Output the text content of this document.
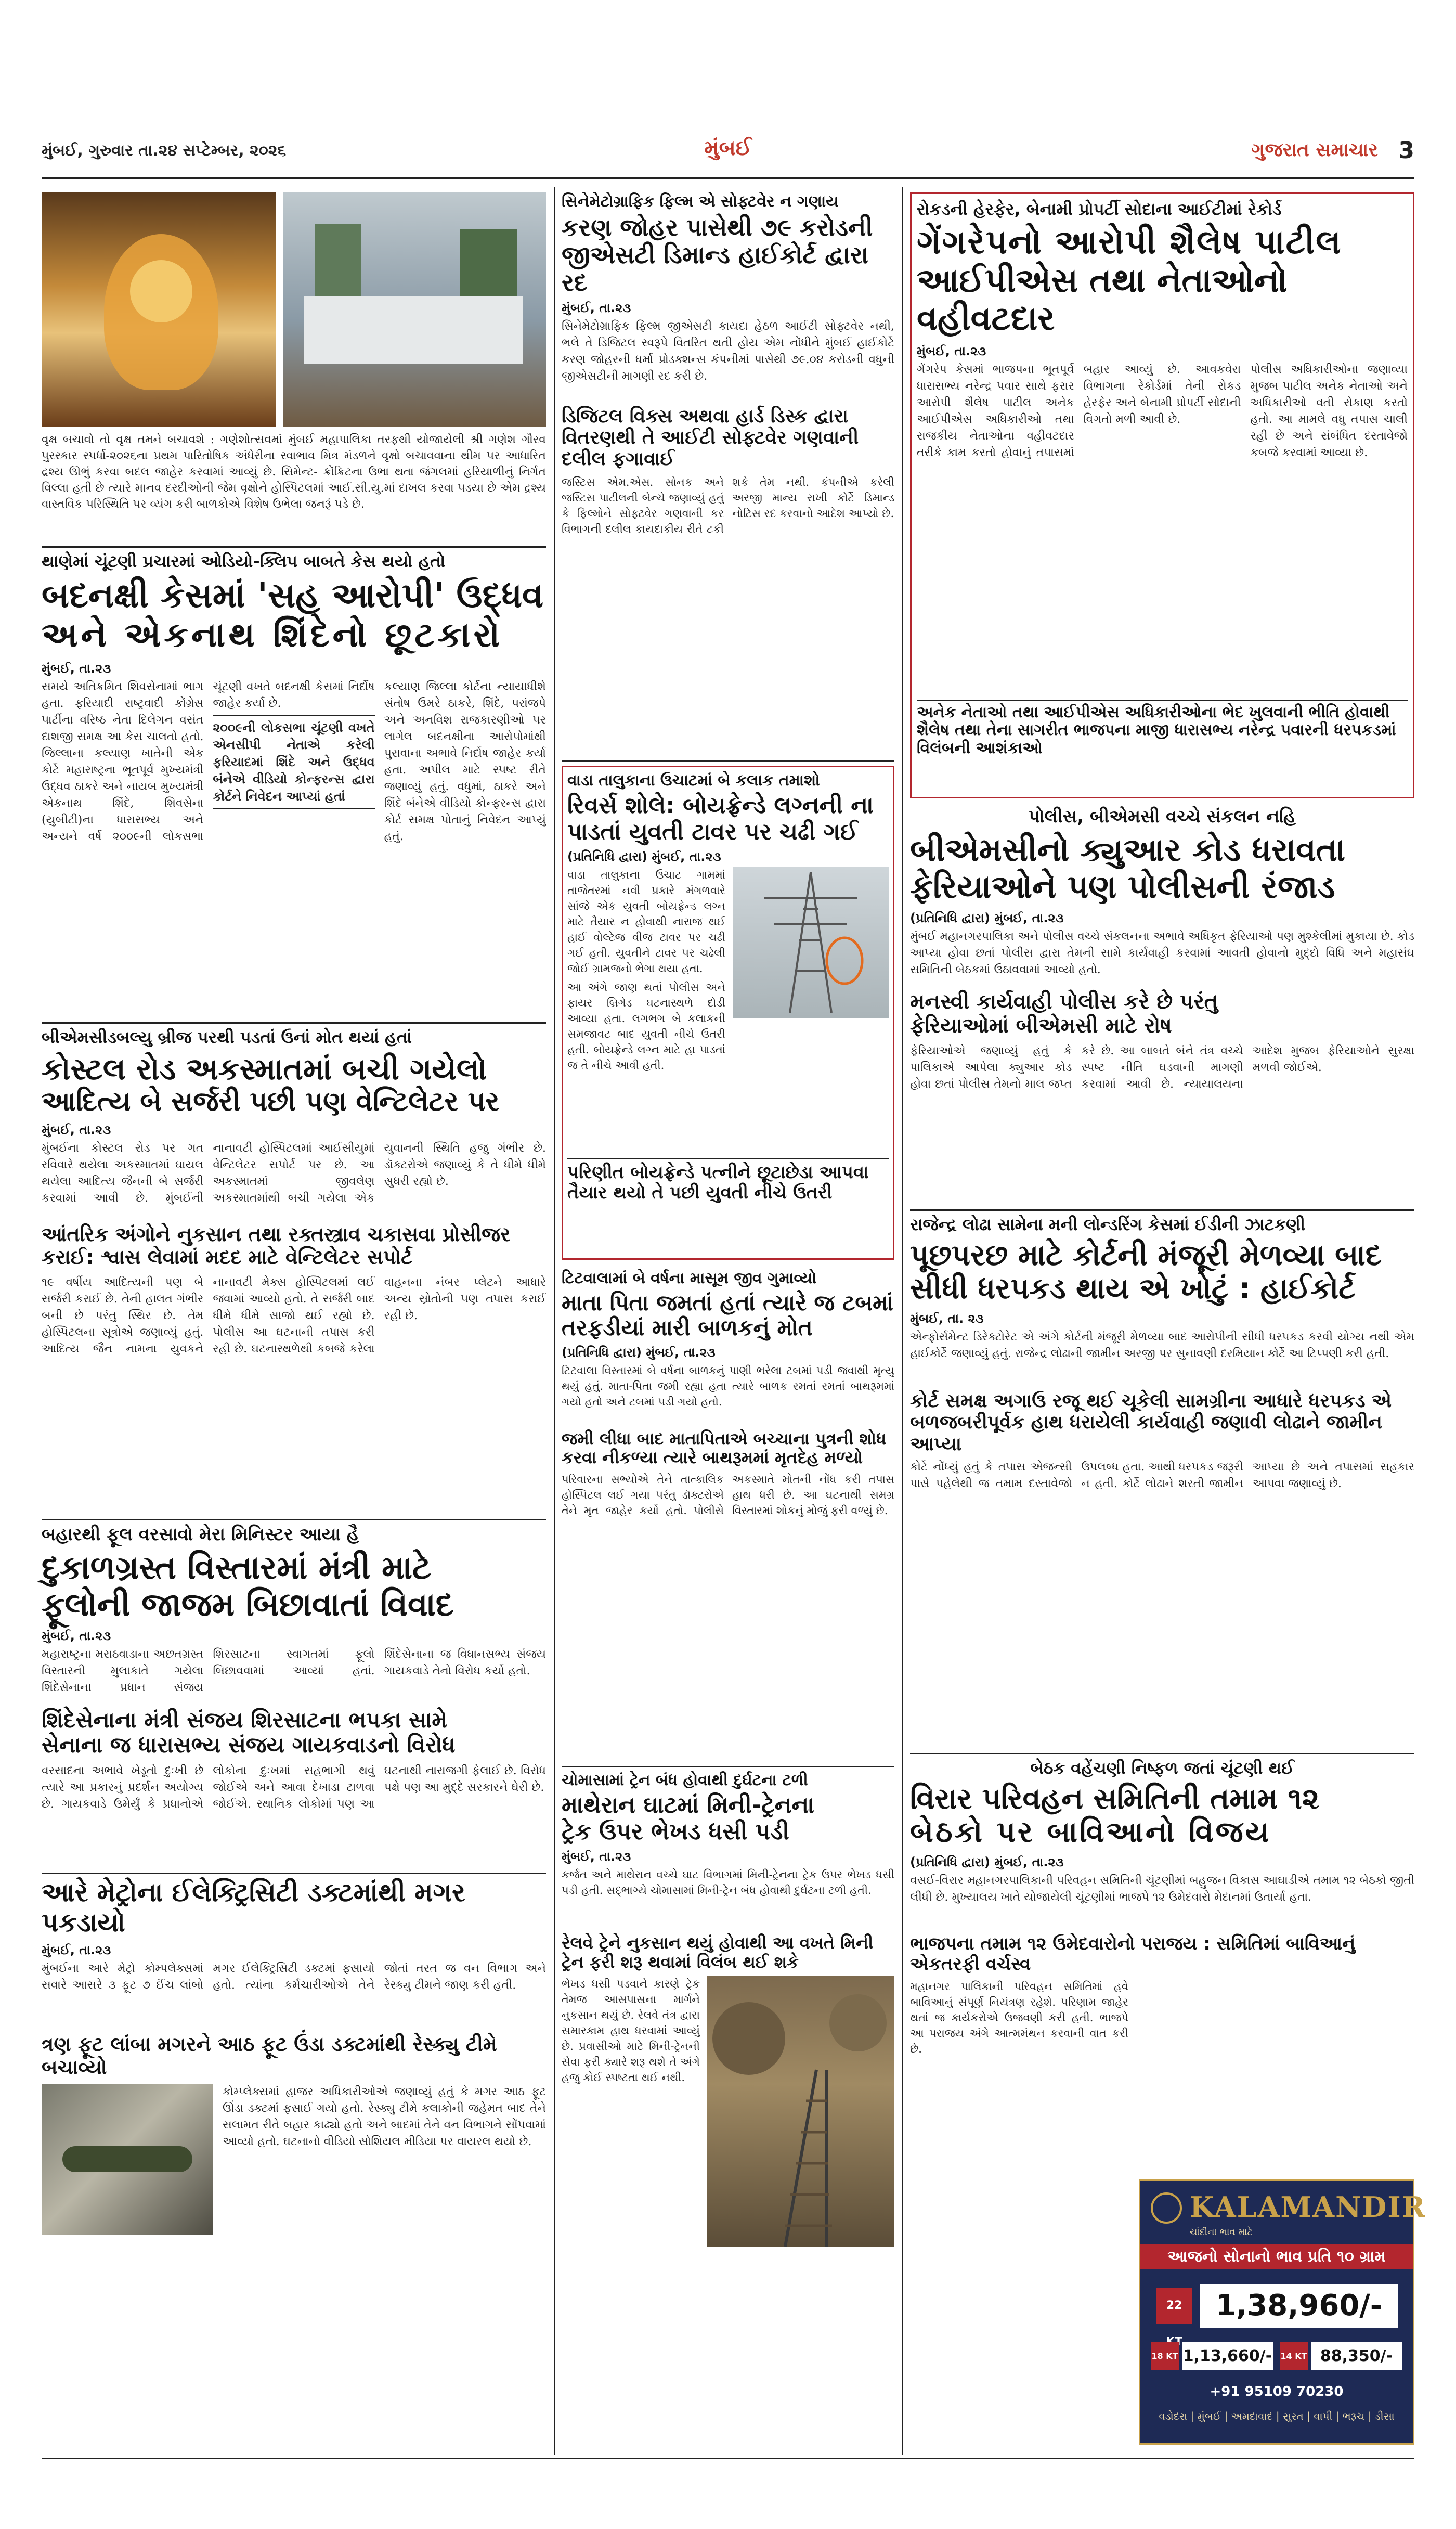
મુંબઈ, ગુરુવાર તા.૨૪ સપ્ટેમ્બર, ૨૦૨૬	મુંબઈ	ગુજરાત સમાચાર 3
વૃક્ષ બચાવો તો વૃક્ષ તમને બચાવશે : ગણેશોત્સવમાં મુંબઈ મહાપાલિકા તરફથી યોજાયેલી શ્રી ગણેશ ગૌરવ પુરસ્કાર સ્પર્ધા-૨૦૨૬ના પ્રથમ પારિતોષિક અંધેરીના સ્વાભાવ મિત્ર મંડળને વૃક્ષો બચાવવાના થીમ પર આધારિત દ્રશ્ય ઊભું કરવા બદલ જાહેર કરવામાં આવ્યું છે. સિમેન્ટ- ક્રોંક્રિટના ઉભા થતા જંગલમાં હરિયાળીનું નિર્ગત વિલ્લા હતી છે ત્યારે માનવ દરદીઓની જેમ વૃક્ષોને હોસ્પિટલમાં આઈ.સી.યુ.માં દાખલ કરવા પડયા છે એમ દ્રશ્ય વાસ્તવિક પરિસ્થિતિ પર વ્યંગ કરી બાળકોએ વિશેષ ઉભેલા જનરૂં પડે છે.
થાણેમાં ચૂંટણી પ્રચારમાં ઓડિયો-ક્લિપ બાબતે કેસ થયો હતો
બદનક્ષી કેસમાં 'સહ આરોપી' ઉદ્ધવ
અને એકનાથ શિંદેનો છૂટકારો
મુંબઈ, તા.૨૩

સમયે અતિક્રમિત શિવસેનામાં ભાગ હતા. ફરિયાદી રાષ્ટ્રવાદી કોંગ્રેસ પાર્ટીના વરિષ્ઠ નેતા દિલેગન વસંત દાશજી સમક્ષ આ કેસ ચાલતો હતો. જિલ્લાના કલ્યાણ ખાતેની એક કોર્ટે મહારાષ્ટ્રના ભૂતપૂર્વ મુખ્યમંત્રી ઉદ્ધવ ઠાકરે અને નાયબ મુખ્યમંત્રી એકનાથ શિંદે, શિવસેના (યુબીટી)ના ધારાસભ્ય અને અન્યને વર્ષ ૨૦૦૯ની લોકસભા ચૂંટણી વખતે બદનક્ષી કેસમાં નિર્દોષ જાહેર કર્યા છે.

૨૦૦૯ની લોકસભા ચૂંટણી વખતે એનસીપી નેતાએ કરેલી ફરિયાદમાં શિંદે અને ઉદ્ધવ બંનેએ વીડિયો કોન્ફરન્સ દ્વારા કોર્ટને નિવેદન આપ્યાં હતાં

કલ્યાણ જિલ્લા કોર્ટના ન્યાયાધીશે સંતોષ ઉમરે ઠાકરે, શિંદે, પરાંજપે અને અનવિશ રાજકારણીઓ પર લાગેલ બદનક્ષીના આરોપોમાંથી પુરાવાના અભાવે નિર્દોષ જાહેર કર્યા હતા. અપીલ માટે સ્પષ્ટ રીતે જણાવ્યું હતું. વધુમાં, ઠાકરે અને શિંદે બંનેએ વીડિયો કોન્ફરન્સ દ્વારા કોર્ટ સમક્ષ પોતાનું નિવેદન આપ્યું હતું.

બીએમસીડબલ્યુ બ્રીજ પરથી પડતાં ઉનાં મોત થયાં હતાં
કોસ્ટલ રોડ અકસ્માતમાં બચી ગયેલો
આદિત્ય બે સર્જરી પછી પણ વેન્ટિલેટર પર
મુંબઈ, તા.૨૩

મુંબઈના કોસ્ટલ રોડ પર ગત રવિવારે થયેલા અકસ્માતમાં ઘાયલ થયેલા આદિત્ય જૈનની બે સર્જરી કરવામાં આવી છે. મુંબઈની નાનાવટી હોસ્પિટલમાં આઈસીયુમાં વેન્ટિલેટર સપોર્ટ પર છે. આ અકસ્માતમાં જીવલેણ અકસ્માતમાંથી બચી ગયેલા એક યુવાનની સ્થિતિ હજુ ગંભીર છે. ડૉક્ટરોએ જણાવ્યું કે તે ધીમે ધીમે સુધરી રહ્યો છે.

આંતરિક અંગોને નુકસાન તથા રક્તસ્ત્રાવ ચકાસવા પ્રોસીજર કરાઈ: શ્વાસ લેવામાં મદદ માટે વેન્ટિલેટર સપોર્ટ

૧૯ વર્ષીય આદિત્યની પણ બે સર્જરી કરાઈ છે. તેની હાલત ગંભીર બની છે પરંતુ સ્થિર છે. તેમ હોસ્પિટલના સૂત્રોએ જણાવ્યું હતું. આદિત્ય જૈન નામના યુવકને નાનાવટી મેક્સ હોસ્પિટલમાં લઈ જવામાં આવ્યો હતો. તે સર્જરી બાદ ધીમે ધીમે સાજો થઈ રહ્યો છે. પોલીસ આ ઘટનાની તપાસ કરી રહી છે. ઘટનાસ્થળેથી કબજે કરેલા વાહનના નંબર પ્લેટને આધારે અન્ય સ્રોતોની પણ તપાસ કરાઈ રહી છે.

બહારથી ફૂલ વરસાવો મેરા મિનિસ્ટર આયા હૈ
દુકાળગ્રસ્ત વિસ્તારમાં મંત્રી માટે
ફૂલોની જાજમ બિછાવાતાં વિવાદ
મુંબઈ, તા.૨૩

મહારાષ્ટ્રના મરાઠવાડાના અછતગ્રસ્ત વિસ્તારની મુલાકાતે ગયેલા શિંદેસેનાના પ્રધાન સંજય શિરસાટના સ્વાગતમાં ફૂલો બિછાવવામાં આવ્યાં હતાં. શિંદેસેનાના જ વિધાનસભ્ય સંજય ગાયકવાડે તેનો વિરોધ કર્યો હતો.

શિંદેસેનાના મંત્રી સંજય શિરસાટના ભપકા સામે
સેનાના જ ધારાસભ્ય સંજય ગાયકવાડનો વિરોધ

વરસાદના અભાવે ખેડૂતો દુઃખી છે ત્યારે આ પ્રકારનું પ્રદર્શન અયોગ્ય છે. ગાયકવાડે ઉમેર્યું કે પ્રધાનોએ લોકોના દુઃખમાં સહભાગી થવું જોઈએ અને આવા દેખાડા ટાળવા જોઈએ. સ્થાનિક લોકોમાં પણ આ ઘટનાથી નારાજગી ફેલાઈ છે. વિરોધ પક્ષે પણ આ મુદ્દે સરકારને ઘેરી છે.

આરે મેટ્રોના ઈલેક્ટ્રિસિટી ડક્ટમાંથી મગર પકડાયો
મુંબઈ, તા.૨૩

મુંબઈના આરે મેટ્રો કોમ્પલેક્સમાં સવારે આસરે ૩ ફૂટ ૭ ઈંચ લાંબો મગર ઈલેક્ટ્રિસિટી ડક્ટમાં ફસાયો હતો. ત્યાંના કર્મચારીઓએ તેને જોતાં તરત જ વન વિભાગ અને રેસ્ક્યુ ટીમને જાણ કરી હતી.

ત્રણ ફૂટ લાંબા મગરને આઠ ફૂટ ઉંડા ડક્ટમાંથી રેસ્ક્યુ ટીમે બચાવ્યો

કોમ્પ્લેક્સમાં હાજર અધિકારીઓએ જણાવ્યું હતું કે મગર આઠ ફૂટ ઊંડા ડક્ટમાં ફસાઈ ગયો હતો. રેસ્ક્યુ ટીમે કલાકોની જહેમત બાદ તેને સલામત રીતે બહાર કાઢ્યો હતો અને બાદમાં તેને વન વિભાગને સોંપવામાં આવ્યો હતો. ઘટનાનો વીડિયો સોશિયલ મીડિયા પર વાયરલ થયો છે.

સિનેમેટોગ્રાફિક ફિલ્મ એ સોફ્ટવેર ન ગણાય
કરણ જોહર પાસેથી ૭૯ કરોડની
જીએસટી ડિમાન્ડ હાઈકોર્ટ દ્વારા રદ
મુંબઈ, તા.૨૩

સિનેમેટોગ્રાફિક ફિલ્મ જીએસટી કાયદા હેઠળ આઈટી સોફ્ટવેર નથી, ભલે તે ડિજિટલ સ્વરૂપે વિતરિત થતી હોય એમ નોંધીને મુંબઈ હાઈકોર્ટે કરણ જોહરની ધર્મા પ્રોડક્શન્સ કંપનીમાં પાસેથી ૭૯.૦૪ કરોડની વધુની જીએસટીની માગણી રદ કરી છે.

ડિજિટલ વિક્સ અથવા હાર્ડ ડિસ્ક દ્વારા વિતરણથી તે આઈટી સોફ્ટવેર ગણવાની દલીલ ફગાવાઈ

જસ્ટિસ એમ.એસ. સોનક અને જસ્ટિસ પાટીલની બેન્ચે જણાવ્યું હતું કે ફિલ્મોને સોફ્ટવેર ગણવાની કર વિભાગની દલીલ કાયદાકીય રીતે ટકી શકે તેમ નથી. કંપનીએ કરેલી અરજી માન્ય રાખી કોર્ટે ડિમાન્ડ નોટિસ રદ કરવાનો આદેશ આપ્યો છે.

વાડા તાલુકાના ઉચાટમાં બે કલાક તમાશો
રિવર્સ શોલે: બોયફ્રેન્ડે લગ્નની ના
પાડતાં યુવતી ટાવર પર ચઢી ગઈ
(પ્રતિનિધિ દ્વારા) મુંબઈ, તા.૨૩

વાડા તાલુકાના ઉચાટ ગામમાં તાજેતરમાં નવી પ્રકારે મંગળવારે સાંજે એક યુવતી બોયફ્રેન્ડ લગ્ન માટે તૈયાર ન હોવાથી નારાજ થઈ હાઈ વોલ્ટેજ વીજ ટાવર પર ચઢી ગઈ હતી. યુવતીને ટાવર પર ચઢેલી જોઈ ગ્રામજનો ભેગા થયા હતા.

આ અંગે જાણ થતાં પોલીસ અને ફાયર બ્રિગેડ ઘટનાસ્થળે દોડી આવ્યા હતા. લગભગ બે કલાકની સમજાવટ બાદ યુવતી નીચે ઉતરી હતી. બોયફ્રેન્ડે લગ્ન માટે હા પાડતાં જ તે નીચે આવી હતી.

પરિણીત બોયફ્રેન્ડે પત્નીને છૂટાછેડા આપવા તૈયાર થયો તે પછી યુવતી નીચે ઉતરી
ટિટવાલામાં બે વર્ષના માસૂમ જીવ ગુમાવ્યો
માતા પિતા જમતાં હતાં ત્યારે જ ટબમાં
તરફડીયાં મારી બાળકનું મોત
(પ્રતિનિધિ દ્વારા) મુંબઈ, તા.૨૩

ટિટવાલા વિસ્તારમાં બે વર્ષના બાળકનું પાણી ભરેલા ટબમાં પડી જવાથી મૃત્યુ થયું હતું. માતા-પિતા જમી રહ્યા હતા ત્યારે બાળક રમતાં રમતાં બાથરૂમમાં ગયો હતો અને ટબમાં પડી ગયો હતો.

જમી લીધા બાદ માતાપિતાએ બચ્ચાના પુત્રની શોધ કરવા નીકળ્યા ત્યારે બાથરૂમમાં મૃતદેહ મળ્યો

પરિવારના સભ્યોએ તેને તાત્કાલિક હોસ્પિટલ લઈ ગયા પરંતુ ડૉક્ટરોએ તેને મૃત જાહેર કર્યો હતો. પોલીસે અકસ્માતે મોતની નોંધ કરી તપાસ હાથ ધરી છે. આ ઘટનાથી સમગ્ર વિસ્તારમાં શોકનું મોજું ફરી વળ્યું છે.

ચોમાસામાં ટ્રેન બંધ હોવાથી દુર્ઘટના ટળી
માથેરાન ઘાટમાં મિની-ટ્રેનના
ટ્રેક ઉપર ભેખડ ધસી પડી
મુંબઈ, તા.૨૩

કર્જત અને માથેરાન વચ્ચે ઘાટ વિભાગમાં મિની-ટ્રેનના ટ્રેક ઉપર ભેખડ ધસી પડી હતી. સદ્ભાગ્યે ચોમાસામાં મિની-ટ્રેન બંધ હોવાથી દુર્ઘટના ટળી હતી.

રેલવે ટ્રેને નુકસાન થયું હોવાથી આ વખતે મિની ટ્રેન ફરી શરૂ થવામાં વિલંબ થઈ શકે

ભેખડ ધસી પડવાને કારણે ટ્રેક તેમજ આસપાસના માર્ગને નુકસાન થયું છે. રેલવે તંત્ર દ્વારા સમારકામ હાથ ધરવામાં આવ્યું છે. પ્રવાસીઓ માટે મિની-ટ્રેનની સેવા ફરી ક્યારે શરૂ થશે તે અંગે હજુ કોઈ સ્પષ્ટતા થઈ નથી.

રોકડની હેરફેર, બેનામી પ્રોપર્ટી સોદાના આઈટીમાં રેકોર્ડ
ગેંગરેપનો આરોપી શૈલેષ પાટીલ
આઈપીએસ તથા નેતાઓનો વહીવટદાર
મુંબઈ, તા.૨૩

ગેંગરેપ કેસમાં ભાજપના ભૂતપૂર્વ ધારાસભ્ય નરેન્દ્ર પવાર સાથે ફરાર આરોપી શૈલેષ પાટીલ અનેક આઈપીએસ અધિકારીઓ તથા રાજકીય નેતાઓના વહીવટદાર તરીકે કામ કરતો હોવાનું તપાસમાં બહાર આવ્યું છે. આવકવેરા વિભાગના રેકોર્ડમાં તેની રોકડ હેરફેર અને બેનામી પ્રોપર્ટી સોદાની વિગતો મળી આવી છે.

પોલીસ અધિકારીઓના જણાવ્યા મુજબ પાટીલ અનેક નેતાઓ અને અધિકારીઓ વતી રોકાણ કરતો હતો. આ મામલે વધુ તપાસ ચાલી રહી છે અને સંબંધિત દસ્તાવેજો કબજે કરવામાં આવ્યા છે.

અનેક નેતાઓ તથા આઈપીએસ અધિકારીઓના ભેદ ખુલવાની ભીતિ હોવાથી શૈલેષ તથા તેના સાગરીત ભાજપના માજી ધારાસભ્ય નરેન્દ્ર પવારની ધરપકડમાં વિલંબની આશંકાઓ
પોલીસ, બીએમસી વચ્ચે સંકલન નહિ
બીએમસીનો ક્યુઆર કોડ ધરાવતા
ફેરિયાઓને પણ પોલીસની રંજાડ
(પ્રતિનિધિ દ્વારા) મુંબઈ, તા.૨૩

મુંબઈ મહાનગરપાલિકા અને પોલીસ વચ્ચે સંકલનના અભાવે અધિકૃત ફેરિયાઓ પણ મુશ્કેલીમાં મુકાયા છે. કોડ આપ્યા હોવા છતાં પોલીસ દ્વારા તેમની સામે કાર્યવાહી કરવામાં આવતી હોવાનો મુદ્દો વિધિ અને મહાસંઘ સમિતિની બેઠકમાં ઉઠાવવામાં આવ્યો હતો.

મનસ્વી કાર્યવાહી પોલીસ કરે છે પરંતુ
ફેરિયાઓમાં બીએમસી માટે રોષ

ફેરિયાઓએ જણાવ્યું હતું કે પાલિકાએ આપેલા ક્યુઆર કોડ હોવા છતાં પોલીસ તેમનો માલ જપ્ત કરે છે. આ બાબતે બંને તંત્ર વચ્ચે સ્પષ્ટ નીતિ ઘડવાની માગણી કરવામાં આવી છે. ન્યાયાલયના આદેશ મુજબ ફેરિયાઓને સુરક્ષા મળવી જોઈએ.

રાજેન્દ્ર લોઢા સામેના મની લોન્ડરિંગ કેસમાં ઈડીની ઝાટકણી
પૂછપરછ માટે કોર્ટની મંજૂરી મેળવ્યા બાદ
સીધી ધરપકડ થાય એ ખોટું : હાઈકોર્ટ
મુંબઈ, તા. ૨૩

એન્ફોર્સમેન્ટ ડિરેક્ટોરેટ એ અંગે કોર્ટની મંજૂરી મેળવ્યા બાદ આરોપીની સીધી ધરપકડ કરવી યોગ્ય નથી એમ હાઈકોર્ટે જણાવ્યું હતું. રાજેન્દ્ર લોઢાની જામીન અરજી પર સુનાવણી દરમિયાન કોર્ટે આ ટિપ્પણી કરી હતી.

કોર્ટ સમક્ષ અગાઉ રજૂ થઈ ચૂકેલી સામગ્રીના આધારે ધરપકડ એ બળજબરીપૂર્વક હાથ ધરાયેલી કાર્યવાહી જણાવી લોઢાને જામીન આપ્યા

કોર્ટે નોંધ્યું હતું કે તપાસ એજન્સી પાસે પહેલેથી જ તમામ દસ્તાવેજો ઉપલબ્ધ હતા. આથી ધરપકડ જરૂરી ન હતી. કોર્ટે લોઢાને શરતી જામીન આપ્યા છે અને તપાસમાં સહકાર આપવા જણાવ્યું છે.

બેઠક વહેંચણી નિષ્ફળ જતાં ચૂંટણી થઈ
વિરાર પરિવહન સમિતિની તમામ ૧૨
બેઠકો પર બાવિઆનો વિજય
(પ્રતિનિધિ દ્વારા) મુંબઈ, તા.૨૩

વસઈ-વિરાર મહાનગરપાલિકાની પરિવહન સમિતિની ચૂંટણીમાં બહુજન વિકાસ આઘાડીએ તમામ ૧૨ બેઠકો જીતી લીધી છે. મુખ્યાલય ખાતે યોજાયેલી ચૂંટણીમાં ભાજપે ૧૨ ઉમેદવારો મેદાનમાં ઉતાર્યા હતા.

ભાજપના તમામ ૧૨ ઉમેદવારોનો પરાજય : સમિતિમાં બાવિઆનું એકતરફી વર્ચસ્વ

મહાનગર પાલિકાની પરિવહન સમિતિમાં હવે બાવિઆનું સંપૂર્ણ નિયંત્રણ રહેશે. પરિણામ જાહેર થતાં જ કાર્યકરોએ ઉજવણી કરી હતી. ભાજપે આ પરાજય અંગે આત્મમંથન કરવાની વાત કરી છે.

KALAMANDIR
ચાંદીના ભાવ માટે
આજનો સોનાનો ભાવ પ્રતિ ૧૦ ગ્રામ
22	1,38,960/-
18 KT 1,13,660/- 14 KT 88,350/-
+91 95109 70230
વડોદરા | મુંબઈ | અમદાવાદ | સુરત | વાપી | ભરૂચ | ડીસા
